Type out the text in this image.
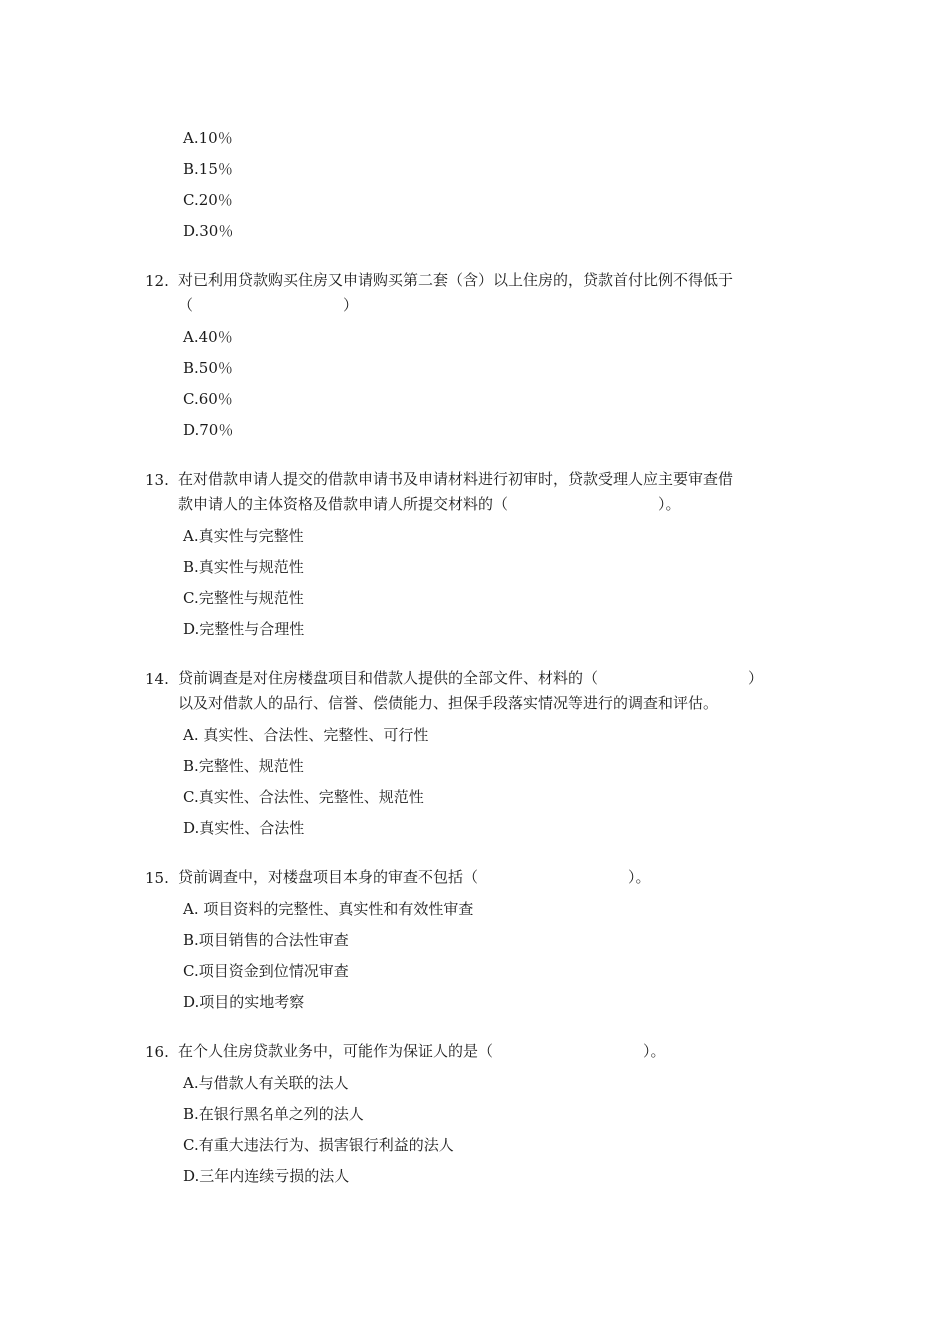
A.10％
B.15％
C.20％
D.30％
12. 对已利用贷款购买住房又申请购买第二套（含）以上住房的，贷款首付比例不得低于
（　　　　　　　　　　）
A.40％
B.50％
C.60％
D.70％
13. 在对借款申请人提交的借款申请书及申请材料进行初审时，贷款受理人应主要审查借
款申请人的主体资格及借款申请人所提交材料的（　　　　　　　　　　）。
A.真实性与完整性
B.真实性与规范性
C.完整性与规范性
D.完整性与合理性
14. 贷前调查是对住房楼盘项目和借款人提供的全部文件、材料的（　　　　　　　　　　）
以及对借款人的品行、信誉、偿债能力、担保手段落实情况等进行的调查和评估。
A. 真实性、合法性、完整性、可行性
B.完整性、规范性
C.真实性、合法性、完整性、规范性
D.真实性、合法性
15. 贷前调查中，对楼盘项目本身的审查不包括（　　　　　　　　　　）。
A. 项目资料的完整性、真实性和有效性审查
B.项目销售的合法性审查
C.项目资金到位情况审查
D.项目的实地考察
16. 在个人住房贷款业务中，可能作为保证人的是（　　　　　　　　　　）。
A.与借款人有关联的法人
B.在银行黑名单之列的法人
C.有重大违法行为、损害银行利益的法人
D.三年内连续亏损的法人
